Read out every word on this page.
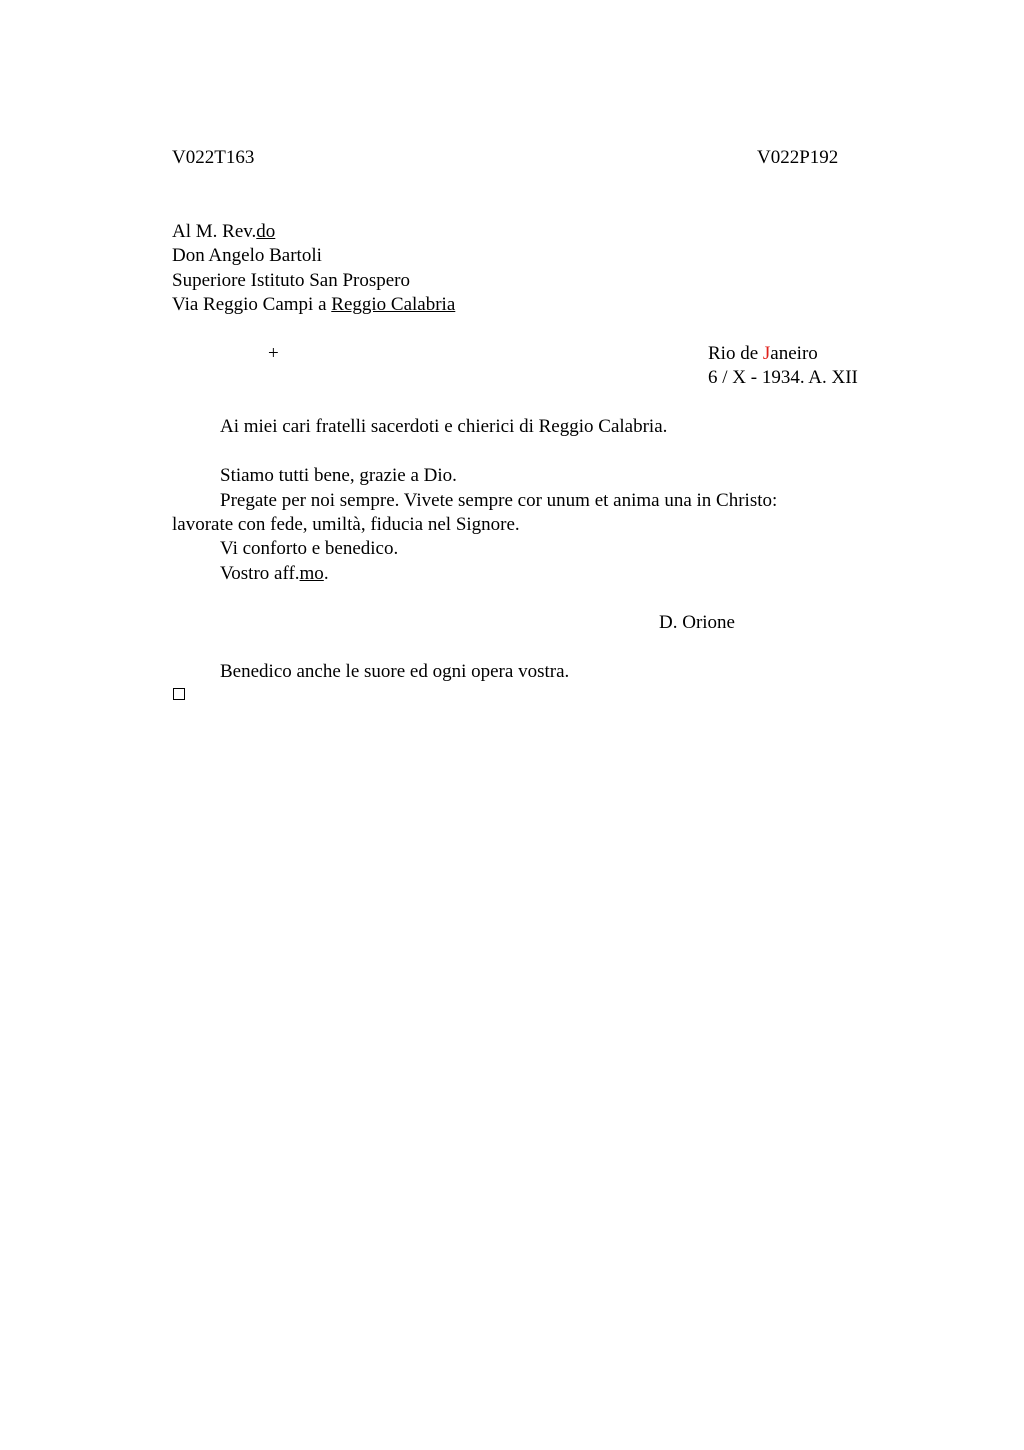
V022T163	V022P192
Al M. Rev.do
Don Angelo Bartoli
Superiore Istituto San Prospero
Via Reggio Campi a Reggio Calabria
+	Rio de Janeiro
6 / X - 1934. A. XII
Ai miei cari fratelli sacerdoti e chierici di Reggio Calabria.
Stiamo tutti bene, grazie a Dio.
Pregate per noi sempre. Vivete sempre cor unum et anima una in Christo:
lavorate con fede, umiltà, fiducia nel Signore.
Vi conforto e benedico.
Vostro aff.mo.
D. Orione
Benedico anche le suore ed ogni opera vostra.
